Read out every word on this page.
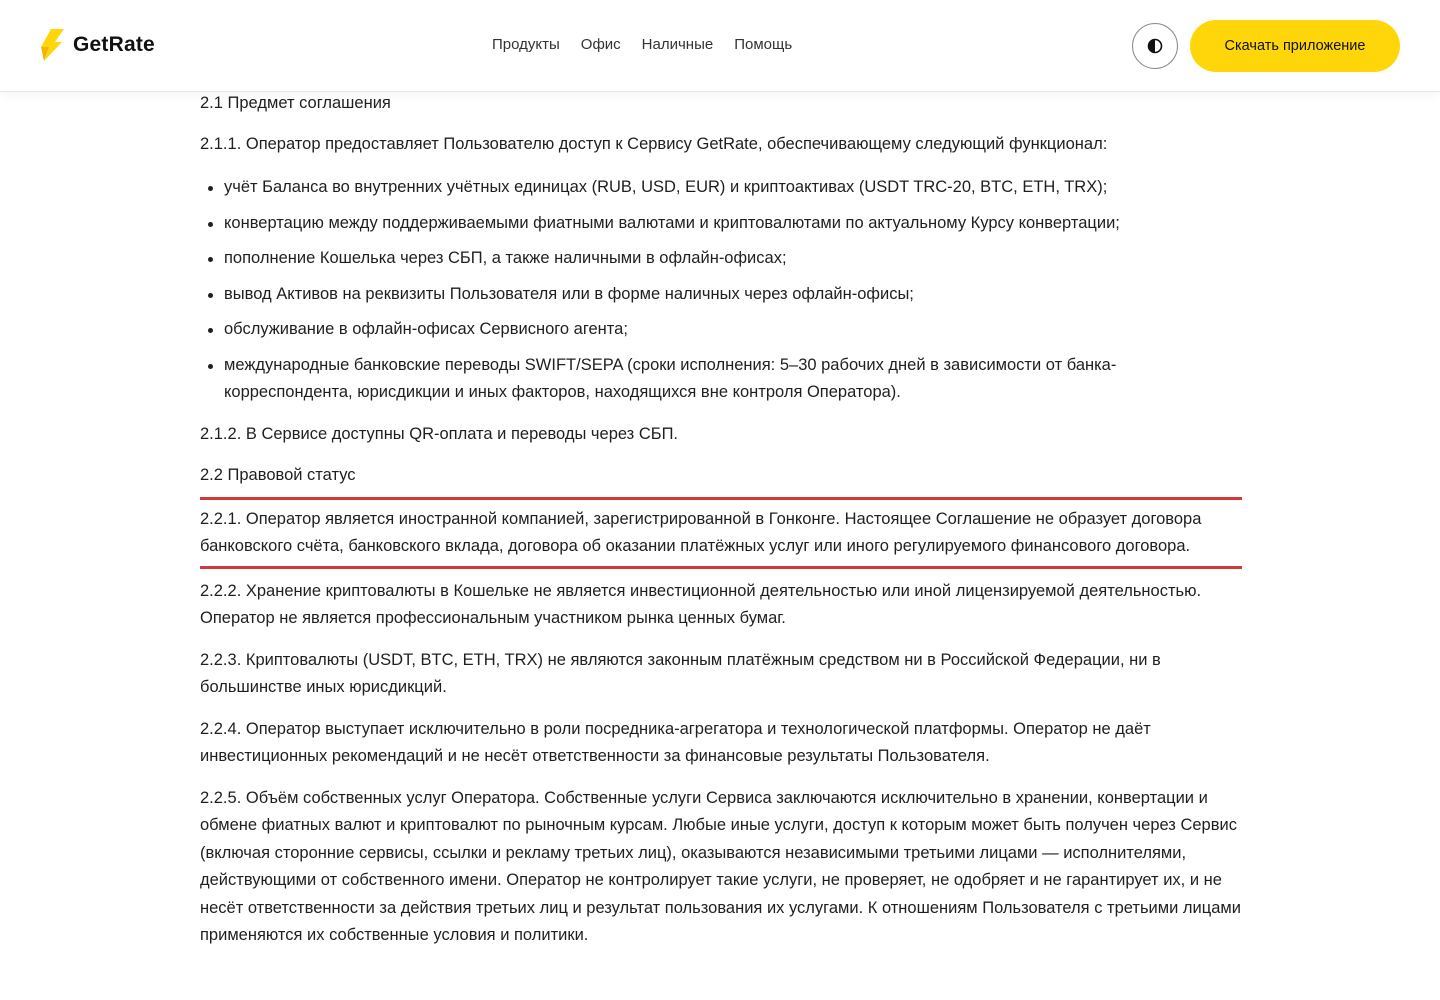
GetRate	Продукты Офис Наличные Помощь	Скачать приложение
2.1 Предмет соглашения
2.1.1. Оператор предоставляет Пользователю доступ к Сервису GetRate, обеспечивающему следующий функционал:
учёт Баланса во внутренних учётных единицах (RUB, USD, EUR) и криптоактивах (USDT TRC-20, BTC, ETH, TRX);
конвертацию между поддерживаемыми фиатными валютами и криптовалютами по актуальному Курсу конвертации;
пополнение Кошелька через СБП, а также наличными в офлайн-офисах;
вывод Активов на реквизиты Пользователя или в форме наличных через офлайн-офисы;
обслуживание в офлайн-офисах Сервисного агента;
международные банковские переводы SWIFT/SEPA (сроки исполнения: 5–30 рабочих дней в зависимости от банка-корреспондента, юрисдикции и иных факторов, находящихся вне контроля Оператора).
2.1.2. В Сервисе доступны QR-оплата и переводы через СБП.
2.2 Правовой статус
2.2.1. Оператор является иностранной компанией, зарегистрированной в Гонконге. Настоящее Соглашение не образует договора банковского счёта, банковского вклада, договора об оказании платёжных услуг или иного регулируемого финансового договора.
2.2.2. Хранение криптовалюты в Кошельке не является инвестиционной деятельностью или иной лицензируемой деятельностью. Оператор не является профессиональным участником рынка ценных бумаг.
2.2.3. Криптовалюты (USDT, BTC, ETH, TRX) не являются законным платёжным средством ни в Российской Федерации, ни в большинстве иных юрисдикций.
2.2.4. Оператор выступает исключительно в роли посредника-агрегатора и технологической платформы. Оператор не даёт инвестиционных рекомендаций и не несёт ответственности за финансовые результаты Пользователя.
2.2.5. Объём собственных услуг Оператора. Собственные услуги Сервиса заключаются исключительно в хранении, конвертации и обмене фиатных валют и криптовалют по рыночным курсам. Любые иные услуги, доступ к которым может быть получен через Сервис (включая сторонние сервисы, ссылки и рекламу третьих лиц), оказываются независимыми третьими лицами — исполнителями, действующими от собственного имени. Оператор не контролирует такие услуги, не проверяет, не одобряет и не гарантирует их, и не несёт ответственности за действия третьих лиц и результат пользования их услугами. К отношениям Пользователя с третьими лицами применяются их собственные условия и политики.
